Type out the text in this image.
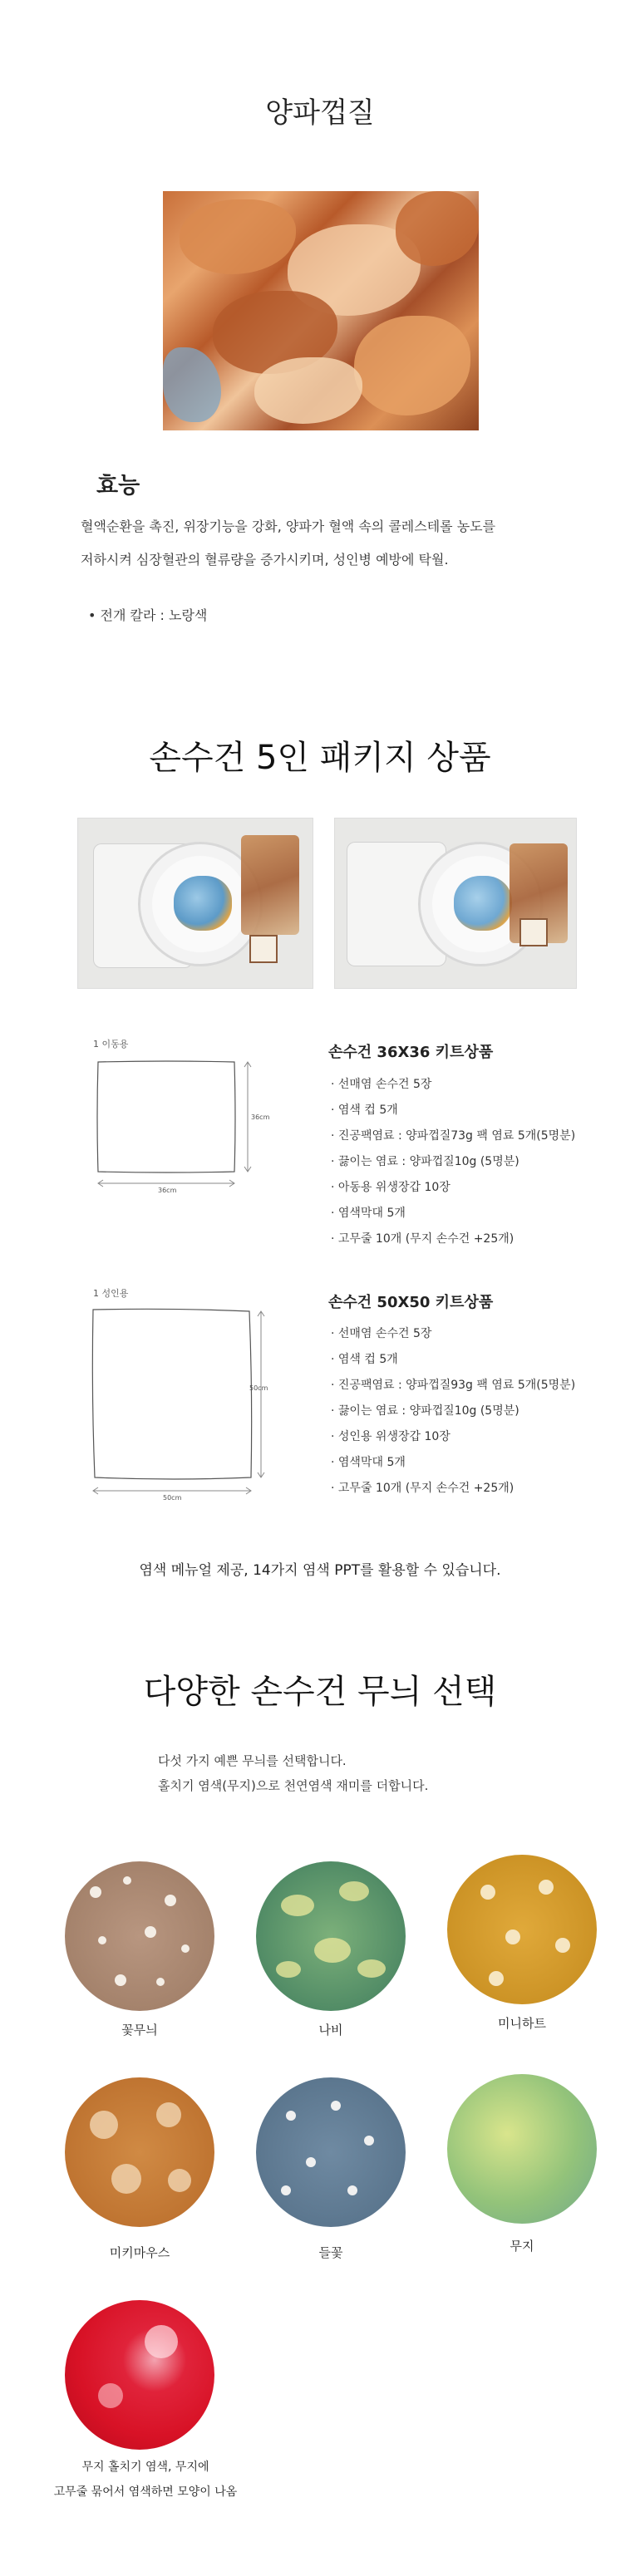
양파껍질
효능
혈액순환을 촉진, 위장기능을 강화, 양파가 혈액 속의 콜레스테롤 농도를
저하시켜 심장혈관의 혈류량을 증가시키며, 성인병 예방에 탁월.
• 전개 칼라 : 노랑색
손수건 5인 패키지 상품
1 이동용
36cm
36cm
손수건 36X36 키트상품
· 선매염 손수건 5장
· 염색 컵 5개
· 진공팩염료 : 양파껍질73g 팩 염료 5개(5명분)
· 끓이는 염료 : 양파껍질10g (5명분)
· 아동용 위생장갑 10장
· 염색막대 5개
· 고무줄 10개 (무지 손수건 +25개)
1 성인용
50cm
50cm
손수건 50X50 키트상품
· 선매염 손수건 5장
· 염색 컵 5개
· 진공팩염료 : 양파껍질93g 팩 염료 5개(5명분)
· 끓이는 염료 : 양파껍질10g (5명분)
· 성인용 위생장갑 10장
· 염색막대 5개
· 고무줄 10개 (무지 손수건 +25개)
염색 메뉴얼 제공, 14가지 염색 PPT를 활용할 수 있습니다.
다양한 손수건 무늬 선택
다섯 가지 예쁜 무늬를 선택합니다.
홀치기 염색(무지)으로 천연염색 재미를 더합니다.
꽃무늬	나비	미니하트
미키마우스	들꽃	무지
무지 홀치기 염색, 무지에
고무줄 묶어서 염색하면 모양이 나옴
